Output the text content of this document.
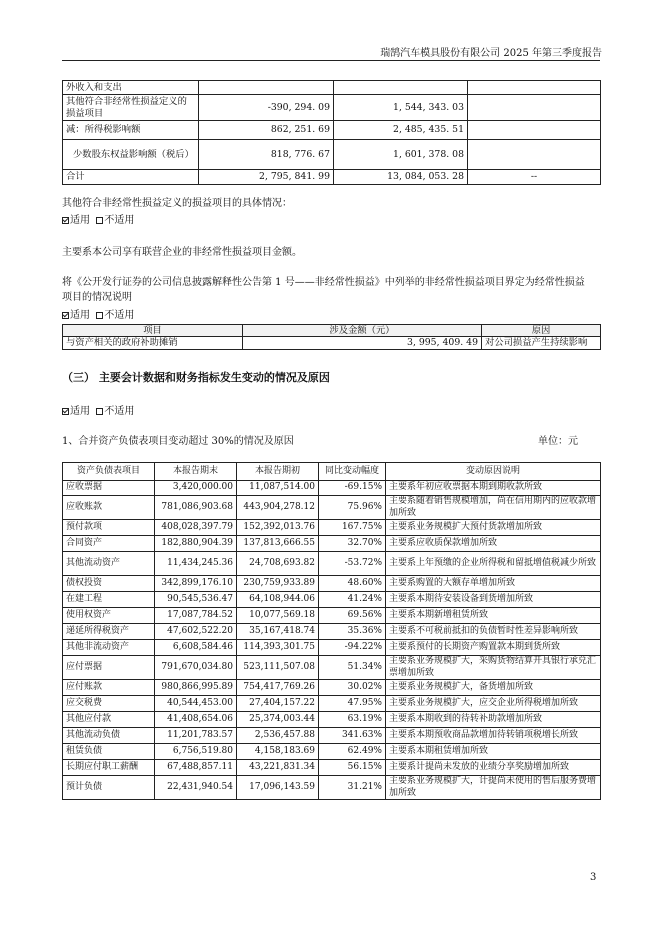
瑞鹄汽车模具股份有限公司 2025 年第三季度报告
外收入和支出			
其他符合非经常性损益定义的损益项目	-390, 294. 09	1, 544, 343. 03	
减：所得税影响额	862, 251. 69	2, 485, 435. 51	
少数股东权益影响额（税后）	818, 776. 67	1, 601, 378. 08	
合计	2, 795, 841. 99	13, 084, 053. 28	--
其他符合非经常性损益定义的损益项目的具体情况：
适用 不适用
主要系本公司享有联营企业的非经常性损益项目金额。
将《公开发行证券的公司信息披露解释性公告第 1 号——非经常性损益》中列举的非经常性损益项目界定为经常性损益
项目的情况说明
适用 不适用
项目	涉及金额（元）	原因
与资产相关的政府补助摊销	3, 995, 409. 49	对公司损益产生持续影响
（三） 主要会计数据和财务指标发生变动的情况及原因
适用 不适用
1、合并资产负债表项目变动超过 30%的情况及原因	单位：元
资产负债表项目	本报告期末	本报告期初	同比变动幅度	变动原因说明
应收票据	3,420,000.00	11,087,514.00	-69.15%	主要系年初应收票据本期到期收款所致
应收账款	781,086,903.68	443,904,278.12	75.96%	主要系随着销售规模增加，尚在信用期内的应收款增加所致
预付款项	408,028,397.79	152,392,013.76	167.75%	主要系业务规模扩大预付货款增加所致
合同资产	182,880,904.39	137,813,666.55	32.70%	主要系应收质保款增加所致
其他流动资产	11,434,245.36	24,708,693.82	-53.72%	主要系上年预缴的企业所得税和留抵增值税减少所致
债权投资	342,899,176.10	230,759,933.89	48.60%	主要系购置的大额存单增加所致
在建工程	90,545,536.47	64,108,944.06	41.24%	主要系本期待安装设备到货增加所致
使用权资产	17,087,784.52	10,077,569.18	69.56%	主要系本期新增租赁所致
递延所得税资产	47,602,522.20	35,167,418.74	35.36%	主要系不可税前抵扣的负债暂时性差异影响所致
其他非流动资产	6,608,584.46	114,393,301.75	-94.22%	主要系预付的长期资产购置款本期到货所致
应付票据	791,670,034.80	523,111,507.08	51.34%	主要系业务规模扩大，采购货物结算开具银行承兑汇票增加所致
应付账款	980,866,995.89	754,417,769.26	30.02%	主要系业务规模扩大，备货增加所致
应交税费	40,544,453.00	27,404,157.22	47.95%	主要系业务规模扩大，应交企业所得税增加所致
其他应付款	41,408,654.06	25,374,003.44	63.19%	主要系本期收到的待转补助款增加所致
其他流动负债	11,201,783.57	2,536,457.88	341.63%	主要系本期预收商品款增加待转销项税增长所致
租赁负债	6,756,519.80	4,158,183.69	62.49%	主要系本期租赁增加所致
长期应付职工薪酬	67,488,857.11	43,221,831.34	56.15%	主要系计提尚未发放的业绩分享奖励增加所致
预计负债	22,431,940.54	17,096,143.59	31.21%	主要系业务规模扩大，计提尚未使用的售后服务费增加所致
3
